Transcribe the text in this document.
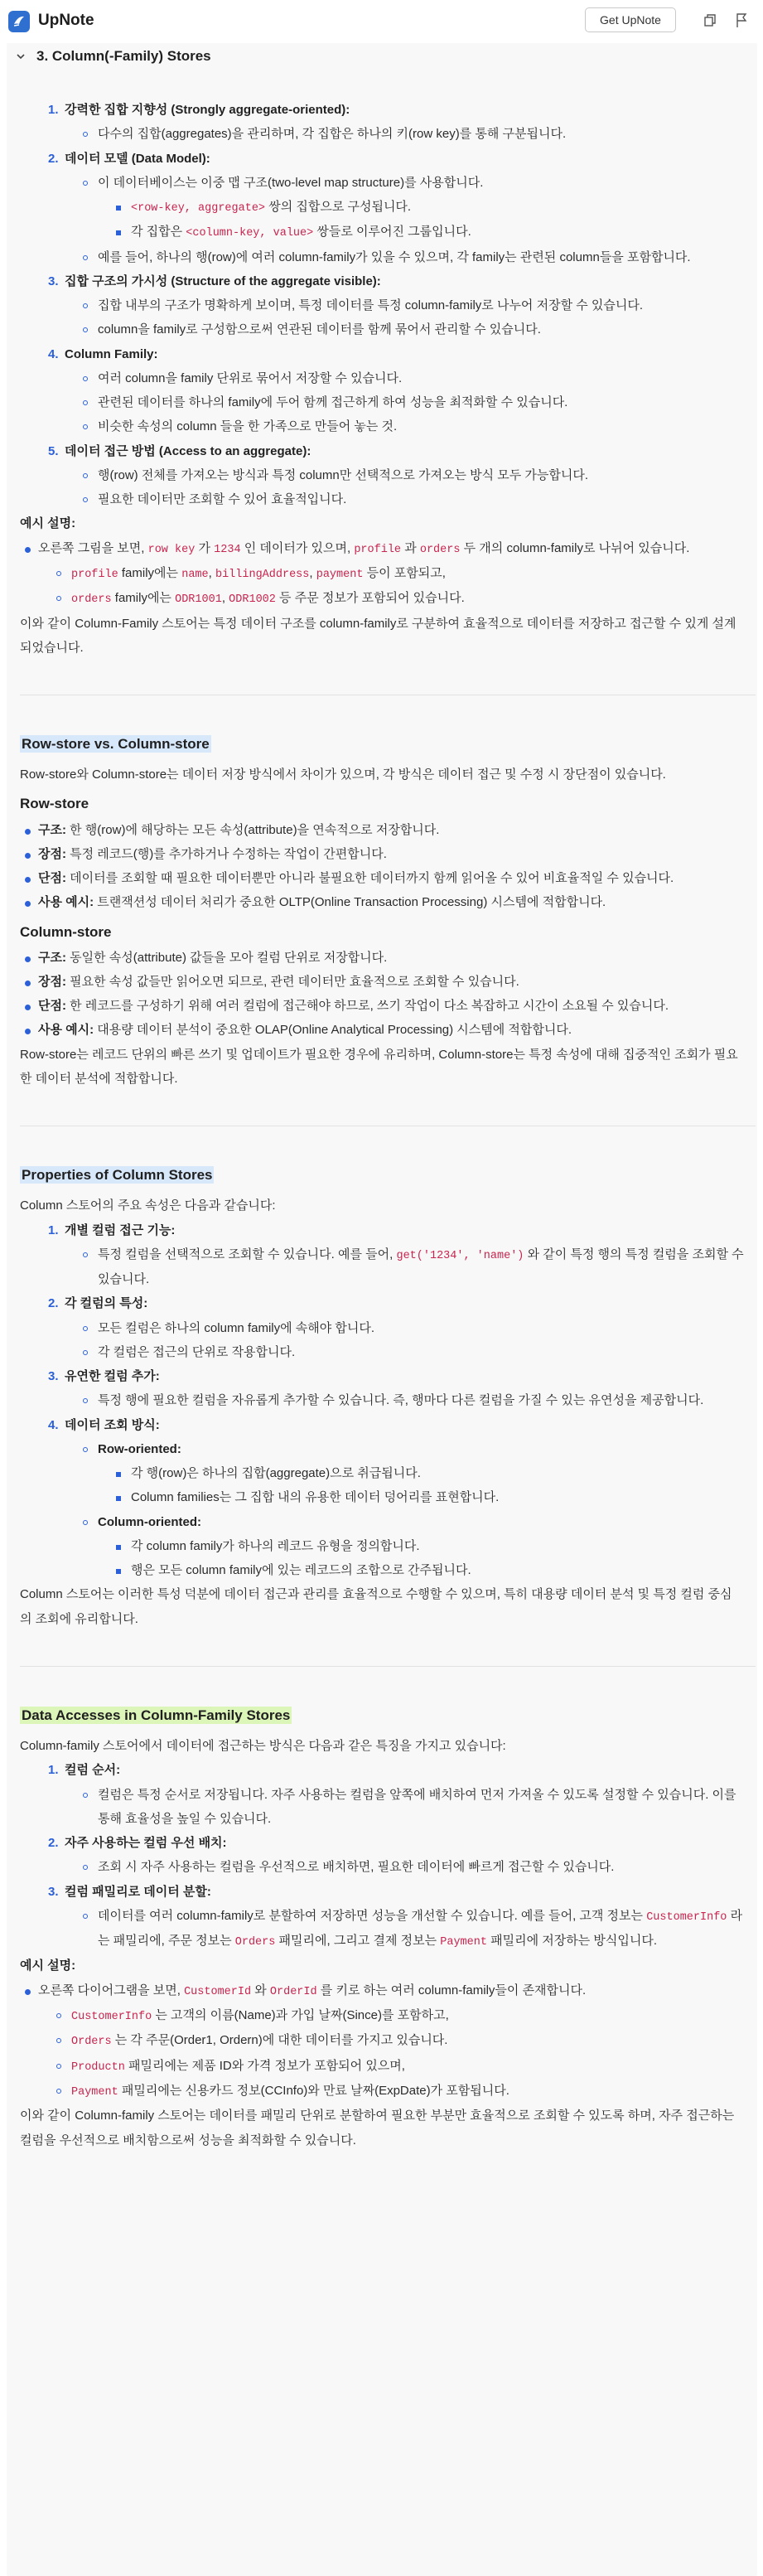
UpNote	Get UpNote
3. Column(-Family) Stores
1. 강력한 집합 지향성 (Strongly aggregate-oriented):
다수의 집합(aggregates)을 관리하며, 각 집합은 하나의 키(row key)를 통해 구분됩니다.
2. 데이터 모델 (Data Model):
이 데이터베이스는 이중 맵 구조(two-level map structure)를 사용합니다.
<row-key, aggregate> 쌍의 집합으로 구성됩니다.
각 집합은 <column-key, value> 쌍들로 이루어진 그룹입니다.
예를 들어, 하나의 행(row)에 여러 column-family가 있을 수 있으며, 각 family는 관련된 column들을 포함합니다.
3. 집합 구조의 가시성 (Structure of the aggregate visible):
집합 내부의 구조가 명확하게 보이며, 특정 데이터를 특정 column-family로 나누어 저장할 수 있습니다.
column을 family로 구성함으로써 연관된 데이터를 함께 묶어서 관리할 수 있습니다.
4. Column Family:
여러 column을 family 단위로 묶어서 저장할 수 있습니다.
관련된 데이터를 하나의 family에 두어 함께 접근하게 하여 성능을 최적화할 수 있습니다.
비슷한 속성의 column 들을 한 가족으로 만들어 놓는 것.
5. 데이터 접근 방법 (Access to an aggregate):
행(row) 전체를 가져오는 방식과 특정 column만 선택적으로 가져오는 방식 모두 가능합니다.
필요한 데이터만 조회할 수 있어 효율적입니다.
예시 설명:
오른쪽 그림을 보면, row key 가 1234 인 데이터가 있으며, profile 과 orders 두 개의 column-family로 나뉘어 있습니다.
profile family에는 name, billingAddress, payment 등이 포함되고,
orders family에는 ODR1001, ODR1002 등 주문 정보가 포함되어 있습니다.
이와 같이 Column-Family 스토어는 특정 데이터 구조를 column-family로 구분하여 효율적으로 데이터를 저장하고 접근할 수 있게 설계되었습니다.
Row-store vs. Column-store
Row-store와 Column-store는 데이터 저장 방식에서 차이가 있으며, 각 방식은 데이터 접근 및 수정 시 장단점이 있습니다.
Row-store
구조: 한 행(row)에 해당하는 모든 속성(attribute)을 연속적으로 저장합니다.
장점: 특정 레코드(행)를 추가하거나 수정하는 작업이 간편합니다.
단점: 데이터를 조회할 때 필요한 데이터뿐만 아니라 불필요한 데이터까지 함께 읽어올 수 있어 비효율적일 수 있습니다.
사용 예시: 트랜잭션성 데이터 처리가 중요한 OLTP(Online Transaction Processing) 시스템에 적합합니다.
Column-store
구조: 동일한 속성(attribute) 값들을 모아 컬럼 단위로 저장합니다.
장점: 필요한 속성 값들만 읽어오면 되므로, 관련 데이터만 효율적으로 조회할 수 있습니다.
단점: 한 레코드를 구성하기 위해 여러 컬럼에 접근해야 하므로, 쓰기 작업이 다소 복잡하고 시간이 소요될 수 있습니다.
사용 예시: 대용량 데이터 분석이 중요한 OLAP(Online Analytical Processing) 시스템에 적합합니다.
Row-store는 레코드 단위의 빠른 쓰기 및 업데이트가 필요한 경우에 유리하며, Column-store는 특정 속성에 대해 집중적인 조회가 필요한 데이터 분석에 적합합니다.
Properties of Column Stores
Column 스토어의 주요 속성은 다음과 같습니다:
1. 개별 컬럼 접근 기능:
특정 컬럼을 선택적으로 조회할 수 있습니다. 예를 들어, get('1234', 'name') 와 같이 특정 행의 특정 컬럼을 조회할 수 있습니다.
2. 각 컬럼의 특성:
모든 컬럼은 하나의 column family에 속해야 합니다.
각 컬럼은 접근의 단위로 작용합니다.
3. 유연한 컬럼 추가:
특정 행에 필요한 컬럼을 자유롭게 추가할 수 있습니다. 즉, 행마다 다른 컬럼을 가질 수 있는 유연성을 제공합니다.
4. 데이터 조회 방식:
Row-oriented:
각 행(row)은 하나의 집합(aggregate)으로 취급됩니다.
Column families는 그 집합 내의 유용한 데이터 덩어리를 표현합니다.
Column-oriented:
각 column family가 하나의 레코드 유형을 정의합니다.
행은 모든 column family에 있는 레코드의 조합으로 간주됩니다.
Column 스토어는 이러한 특성 덕분에 데이터 접근과 관리를 효율적으로 수행할 수 있으며, 특히 대용량 데이터 분석 및 특정 컬럼 중심의 조회에 유리합니다.
Data Accesses in Column-Family Stores
Column-family 스토어에서 데이터에 접근하는 방식은 다음과 같은 특징을 가지고 있습니다:
1. 컬럼 순서:
컬럼은 특정 순서로 저장됩니다. 자주 사용하는 컬럼을 앞쪽에 배치하여 먼저 가져올 수 있도록 설정할 수 있습니다. 이를 통해 효율성을 높일 수 있습니다.
2. 자주 사용하는 컬럼 우선 배치:
조회 시 자주 사용하는 컬럼을 우선적으로 배치하면, 필요한 데이터에 빠르게 접근할 수 있습니다.
3. 컬럼 패밀리로 데이터 분할:
데이터를 여러 column-family로 분할하여 저장하면 성능을 개선할 수 있습니다. 예를 들어, 고객 정보는 CustomerInfo 라는 패밀리에, 주문 정보는 Orders 패밀리에, 그리고 결제 정보는 Payment 패밀리에 저장하는 방식입니다.
예시 설명:
오른쪽 다이어그램을 보면, CustomerId 와 OrderId 를 키로 하는 여러 column-family들이 존재합니다.
CustomerInfo 는 고객의 이름(Name)과 가입 날짜(Since)를 포함하고,
Orders 는 각 주문(Order1, Ordern)에 대한 데이터를 가지고 있습니다.
Productn 패밀리에는 제품 ID와 가격 정보가 포함되어 있으며,
Payment 패밀리에는 신용카드 정보(CCInfo)와 만료 날짜(ExpDate)가 포함됩니다.
이와 같이 Column-family 스토어는 데이터를 패밀리 단위로 분할하여 필요한 부분만 효율적으로 조회할 수 있도록 하며, 자주 접근하는 컬럼을 우선적으로 배치함으로써 성능을 최적화할 수 있습니다.
